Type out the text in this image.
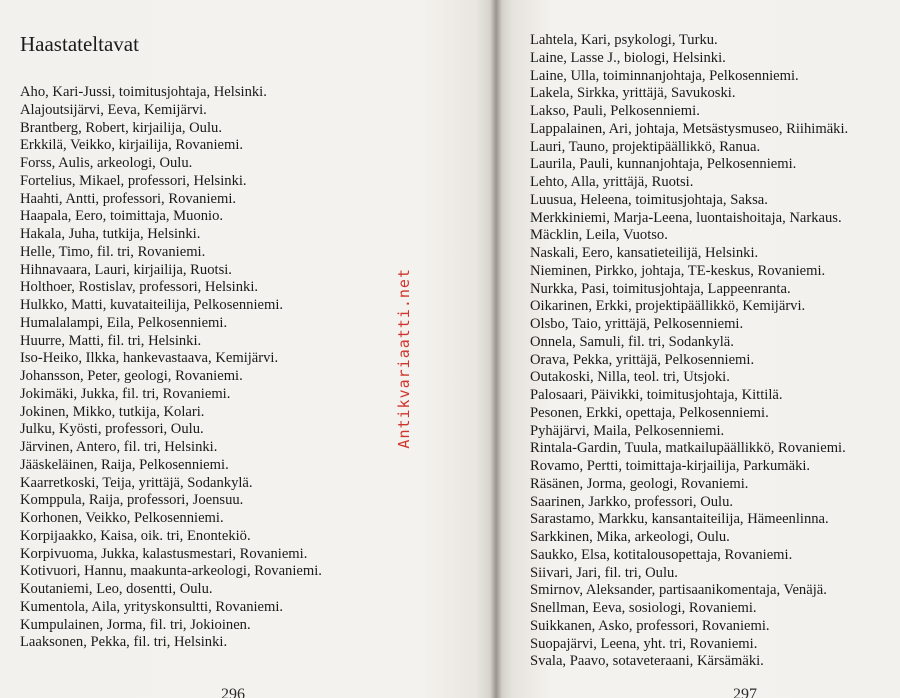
Haastateltavat
Aho, Kari-Jussi, toimitusjohtaja, Helsinki.
Alajoutsijärvi, Eeva, Kemijärvi.
Brantberg, Robert, kirjailija, Oulu.
Erkkilä, Veikko, kirjailija, Rovaniemi.
Forss, Aulis, arkeologi, Oulu.
Fortelius, Mikael, professori, Helsinki.
Haahti, Antti, professori, Rovaniemi.
Haapala, Eero, toimittaja, Muonio.
Hakala, Juha, tutkija, Helsinki.
Helle, Timo, fil. tri, Rovaniemi.
Hihnavaara, Lauri, kirjailija, Ruotsi.
Holthoer, Rostislav, professori, Helsinki.
Hulkko, Matti, kuvataiteilija, Pelkosenniemi.
Humalalampi, Eila, Pelkosenniemi.
Huurre, Matti, fil. tri, Helsinki.
Iso-Heiko, Ilkka, hankevastaava, Kemijärvi.
Johansson, Peter, geologi, Rovaniemi.
Jokimäki, Jukka, fil. tri, Rovaniemi.
Jokinen, Mikko, tutkija, Kolari.
Julku, Kyösti, professori, Oulu.
Järvinen, Antero, fil. tri, Helsinki.
Jääskeläinen, Raija, Pelkosenniemi.
Kaarretkoski, Teija, yrittäjä, Sodankylä.
Komppula, Raija, professori, Joensuu.
Korhonen, Veikko, Pelkosenniemi.
Korpijaakko, Kaisa, oik. tri, Enontekiö.
Korpivuoma, Jukka, kalastusmestari, Rovaniemi.
Kotivuori, Hannu, maakunta-arkeologi, Rovaniemi.
Koutaniemi, Leo, dosentti, Oulu.
Kumentola, Aila, yrityskonsultti, Rovaniemi.
Kumpulainen, Jorma, fil. tri, Jokioinen.
Laaksonen, Pekka, fil. tri, Helsinki.
296
Lahtela, Kari, psykologi, Turku.
Laine, Lasse J., biologi, Helsinki.
Laine, Ulla, toiminnanjohtaja, Pelkosenniemi.
Lakela, Sirkka, yrittäjä, Savukoski.
Lakso, Pauli, Pelkosenniemi.
Lappalainen, Ari, johtaja, Metsästysmuseo, Riihimäki.
Lauri, Tauno, projektipäällikkö, Ranua.
Laurila, Pauli, kunnanjohtaja, Pelkosenniemi.
Lehto, Alla, yrittäjä, Ruotsi.
Luusua, Heleena, toimitusjohtaja, Saksa.
Merkkiniemi, Marja-Leena, luontaishoitaja, Narkaus.
Mäcklin, Leila, Vuotso.
Naskali, Eero, kansatieteilijä, Helsinki.
Nieminen, Pirkko, johtaja, TE-keskus, Rovaniemi.
Nurkka, Pasi, toimitusjohtaja, Lappeenranta.
Oikarinen, Erkki, projektipäällikkö, Kemijärvi.
Olsbo, Taio, yrittäjä, Pelkosenniemi.
Onnela, Samuli, fil. tri, Sodankylä.
Orava, Pekka, yrittäjä, Pelkosenniemi.
Outakoski, Nilla, teol. tri, Utsjoki.
Palosaari, Päivikki, toimitusjohtaja, Kittilä.
Pesonen, Erkki, opettaja, Pelkosenniemi.
Pyhäjärvi, Maila, Pelkosenniemi.
Rintala-Gardin, Tuula, matkailupäällikkö, Rovaniemi.
Rovamo, Pertti, toimittaja-kirjailija, Parkumäki.
Räsänen, Jorma, geologi, Rovaniemi.
Saarinen, Jarkko, professori, Oulu.
Sarastamo, Markku, kansantaiteilija, Hämeenlinna.
Sarkkinen, Mika, arkeologi, Oulu.
Saukko, Elsa, kotitalousopettaja, Rovaniemi.
Siivari, Jari, fil. tri, Oulu.
Smirnov, Aleksander, partisaanikomentaja, Venäjä.
Snellman, Eeva, sosiologi, Rovaniemi.
Suikkanen, Asko, professori, Rovaniemi.
Suopajärvi, Leena, yht. tri, Rovaniemi.
Svala, Paavo, sotaveteraani, Kärsämäki.
297
Antikvariaatti.net
